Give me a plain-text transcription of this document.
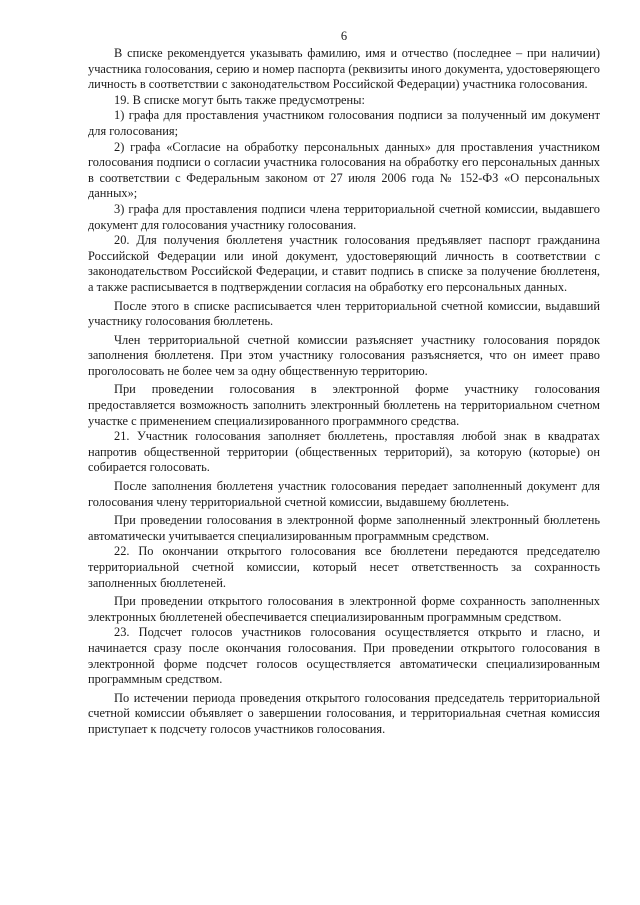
6

В списке рекомендуется указывать фамилию, имя и отчество (последнее – при наличии) участника голосования, серию и номер паспорта (реквизиты иного документа, удостоверяющего личность в соответствии с законодательством Российской Федерации) участника голосования.

19. В списке могут быть также предусмотрены:

1) графа для проставления участником голосования подписи за полученный им документ для голосования;

2) графа «Согласие на обработку персональных данных» для проставления участником голосования подписи о согласии участника голосования на обработку его персональных данных в соответствии с Федеральным законом от 27 июля 2006 года № 152-ФЗ «О персональных данных»;

3) графа для проставления подписи члена территориальной счетной комиссии, выдавшего документ для голосования участнику голосования.

20. Для получения бюллетеня участник голосования предъявляет паспорт гражданина Российской Федерации или иной документ, удостоверяющий личность в соответствии с законодательством Российской Федерации, и ставит подпись в списке за получение бюллетеня, а также расписывается в подтверждении согласия на обработку его персональных данных.

После этого в списке расписывается член территориальной счетной комиссии, выдавший участнику голосования бюллетень.

Член территориальной счетной комиссии разъясняет участнику голосования порядок заполнения бюллетеня. При этом участнику голосования разъясняется, что он имеет право проголосовать не более чем за одну общественную территорию.

При проведении голосования в электронной форме участнику голосования предоставляется возможность заполнить электронный бюллетень на территориальном счетном участке с применением специализированного программного средства.

21. Участник голосования заполняет бюллетень, проставляя любой знак в квадратах напротив общественной территории (общественных территорий), за которую (которые) он собирается голосовать.

После заполнения бюллетеня участник голосования передает заполненный документ для голосования члену территориальной счетной комиссии, выдавшему бюллетень.

При проведении голосования в электронной форме заполненный электронный бюллетень автоматически учитывается специализированным программным средством.

22. По окончании открытого голосования все бюллетени передаются председателю территориальной счетной комиссии, который несет ответственность за сохранность заполненных бюллетеней.

При проведении открытого голосования в электронной форме сохранность заполненных электронных бюллетеней обеспечивается специализированным программным средством.

23. Подсчет голосов участников голосования осуществляется открыто и гласно, и начинается сразу после окончания голосования. При проведении открытого голосования в электронной форме подсчет голосов осуществляется автоматически специализированным программным средством.

По истечении периода проведения открытого голосования председатель территориальной счетной комиссии объявляет о завершении голосования, и территориальная счетная комиссия приступает к подсчету голосов участников голосования.
